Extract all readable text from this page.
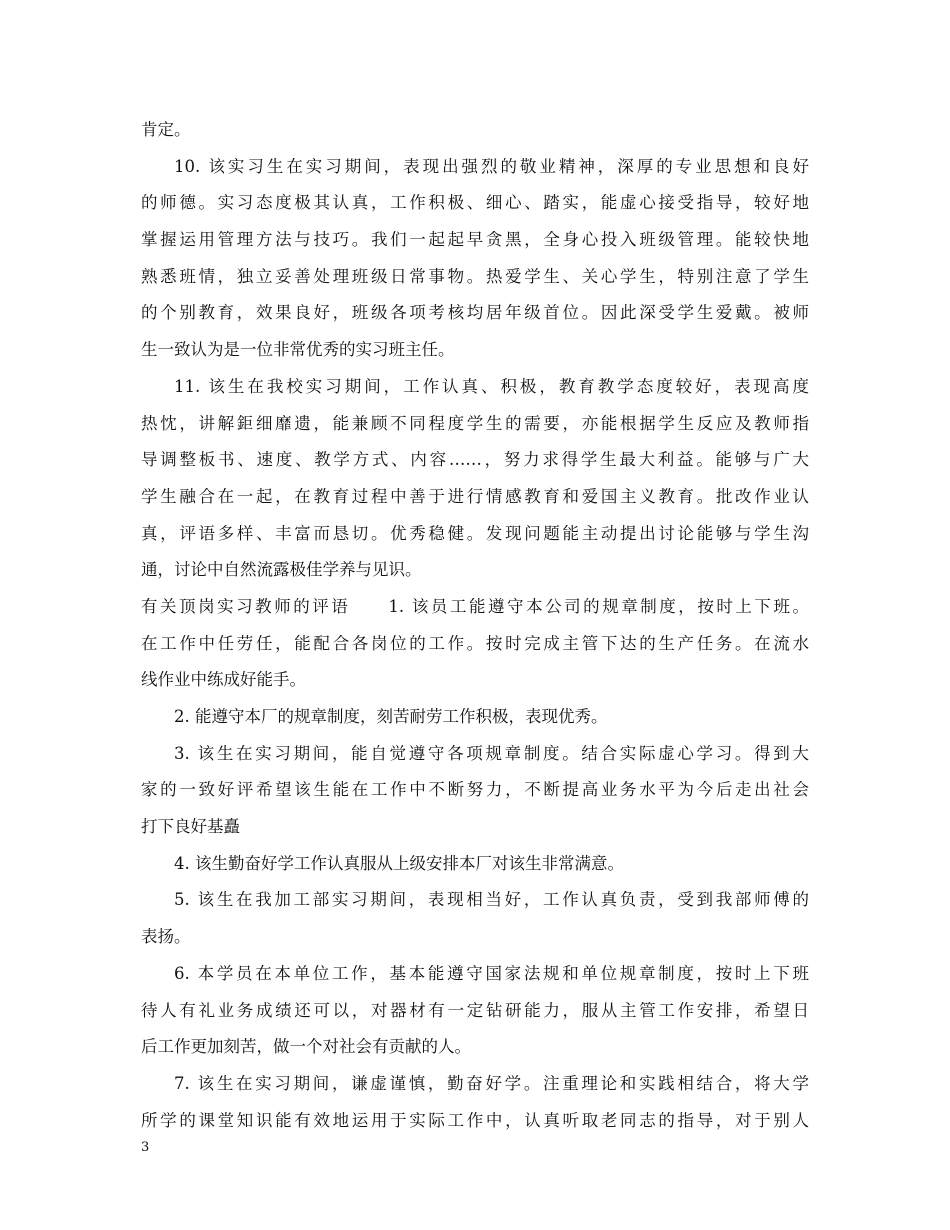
肯定。
10. 该实习生在实习期间，表现出强烈的敬业精神，深厚的专业思想和良好
的师德。实习态度极其认真，工作积极、细心、踏实，能虚心接受指导，较好地
掌握运用管理方法与技巧。我们一起起早贪黑，全身心投入班级管理。能较快地
熟悉班情，独立妥善处理班级日常事物。热爱学生、关心学生，特别注意了学生
的个别教育，效果良好，班级各项考核均居年级首位。因此深受学生爱戴。被师
生一致认为是一位非常优秀的实习班主任。
11. 该生在我校实习期间，工作认真、积极，教育教学态度较好，表现高度
热忱，讲解鉅细靡遗，能兼顾不同程度学生的需要，亦能根据学生反应及教师指
导调整板书、速度、教学方式、内容……，努力求得学生最大利益。能够与广大
学生融合在一起，在教育过程中善于进行情感教育和爱国主义教育。批改作业认
真，评语多样、丰富而恳切。优秀稳健。发现问题能主动提出讨论能够与学生沟
通，讨论中自然流露极佳学养与见识。
有关顶岗实习教师的评语　　1. 该员工能遵守本公司的规章制度，按时上下班。
在工作中任劳任，能配合各岗位的工作。按时完成主管下达的生产任务。在流水
线作业中练成好能手。
2. 能遵守本厂的规章制度，刻苦耐劳工作积极，表现优秀。
3. 该生在实习期间，能自觉遵守各项规章制度。结合实际虚心学习。得到大
家的一致好评希望该生能在工作中不断努力，不断提高业务水平为今后走出社会
打下良好基矗
4. 该生勤奋好学工作认真服从上级安排本厂对该生非常满意。
5. 该生在我加工部实习期间，表现相当好，工作认真负责，受到我部师傅的
表扬。
6. 本学员在本单位工作，基本能遵守国家法规和单位规章制度，按时上下班
待人有礼业务成绩还可以，对器材有一定钻研能力，服从主管工作安排，希望日
后工作更加刻苦，做一个对社会有贡献的人。
7. 该生在实习期间，谦虚谨慎，勤奋好学。注重理论和实践相结合，将大学
所学的课堂知识能有效地运用于实际工作中，认真听取老同志的指导，对于别人
3
